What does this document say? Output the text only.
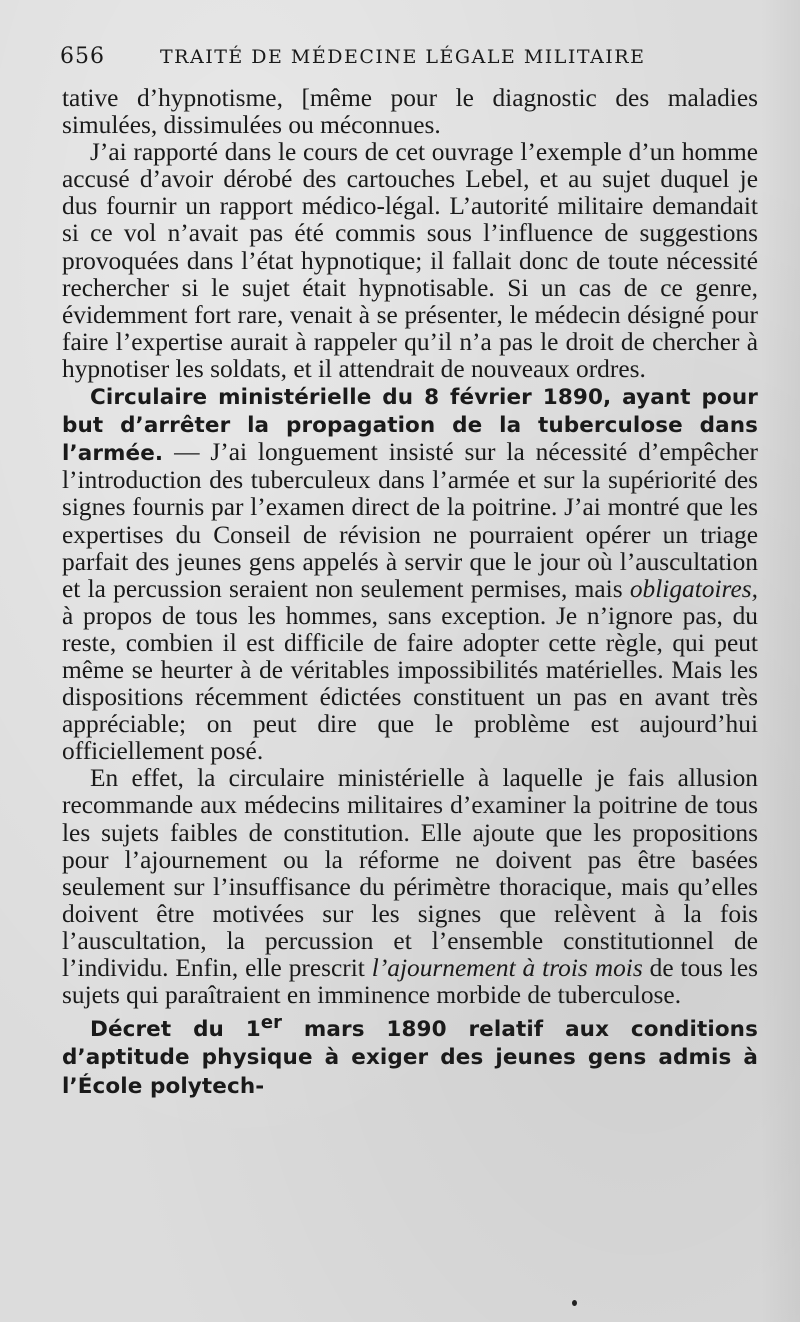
656	TRAITÉ DE MÉDECINE LÉGALE MILITAIRE

tative d’hypnotisme, [même pour le diagnostic des maladies simulées, dissimulées ou méconnues.

J’ai rapporté dans le cours de cet ouvrage l’exemple d’un homme accusé d’avoir dérobé des cartouches Lebel, et au sujet duquel je dus fournir un rapport médico-légal. L’autorité militaire demandait si ce vol n’avait pas été commis sous l’influence de suggestions provoquées dans l’état hypnotique; il fallait donc de toute nécessité rechercher si le sujet était hypnotisable. Si un cas de ce genre, évidemment fort rare, venait à se présenter, le médecin désigné pour faire l’expertise aurait à rappeler qu’il n’a pas le droit de chercher à hypnotiser les soldats, et il attendrait de nouveaux ordres.

Circulaire ministérielle du 8 février 1890, ayant pour but d’arrêter la propagation de la tuberculose dans l’armée. — J’ai longuement insisté sur la nécessité d’empêcher l’introduction des tuberculeux dans l’armée et sur la supériorité des signes fournis par l’examen direct de la poitrine. J’ai montré que les expertises du Conseil de révision ne pourraient opérer un triage parfait des jeunes gens appelés à servir que le jour où l’auscultation et la percussion seraient non seulement permises, mais obligatoires, à propos de tous les hommes, sans exception. Je n’ignore pas, du reste, combien il est difficile de faire adopter cette règle, qui peut même se heurter à de véritables impossibilités matérielles. Mais les dispositions récemment édictées constituent un pas en avant très appréciable; on peut dire que le problème est aujourd’hui officiellement posé.

En effet, la circulaire ministérielle à laquelle je fais allusion recommande aux médecins militaires d’examiner la poitrine de tous les sujets faibles de constitution. Elle ajoute que les propositions pour l’ajournement ou la réforme ne doivent pas être basées seulement sur l’insuffisance du périmètre thoracique, mais qu’elles doivent être motivées sur les signes que relèvent à la fois l’auscultation, la percussion et l’ensemble constitutionnel de l’individu. Enfin, elle prescrit l’ajournement à trois mois de tous les sujets qui paraîtraient en imminence morbide de tuberculose.

Décret du 1er mars 1890 relatif aux conditions d’aptitude physique à exiger des jeunes gens admis à l’École polytech-
